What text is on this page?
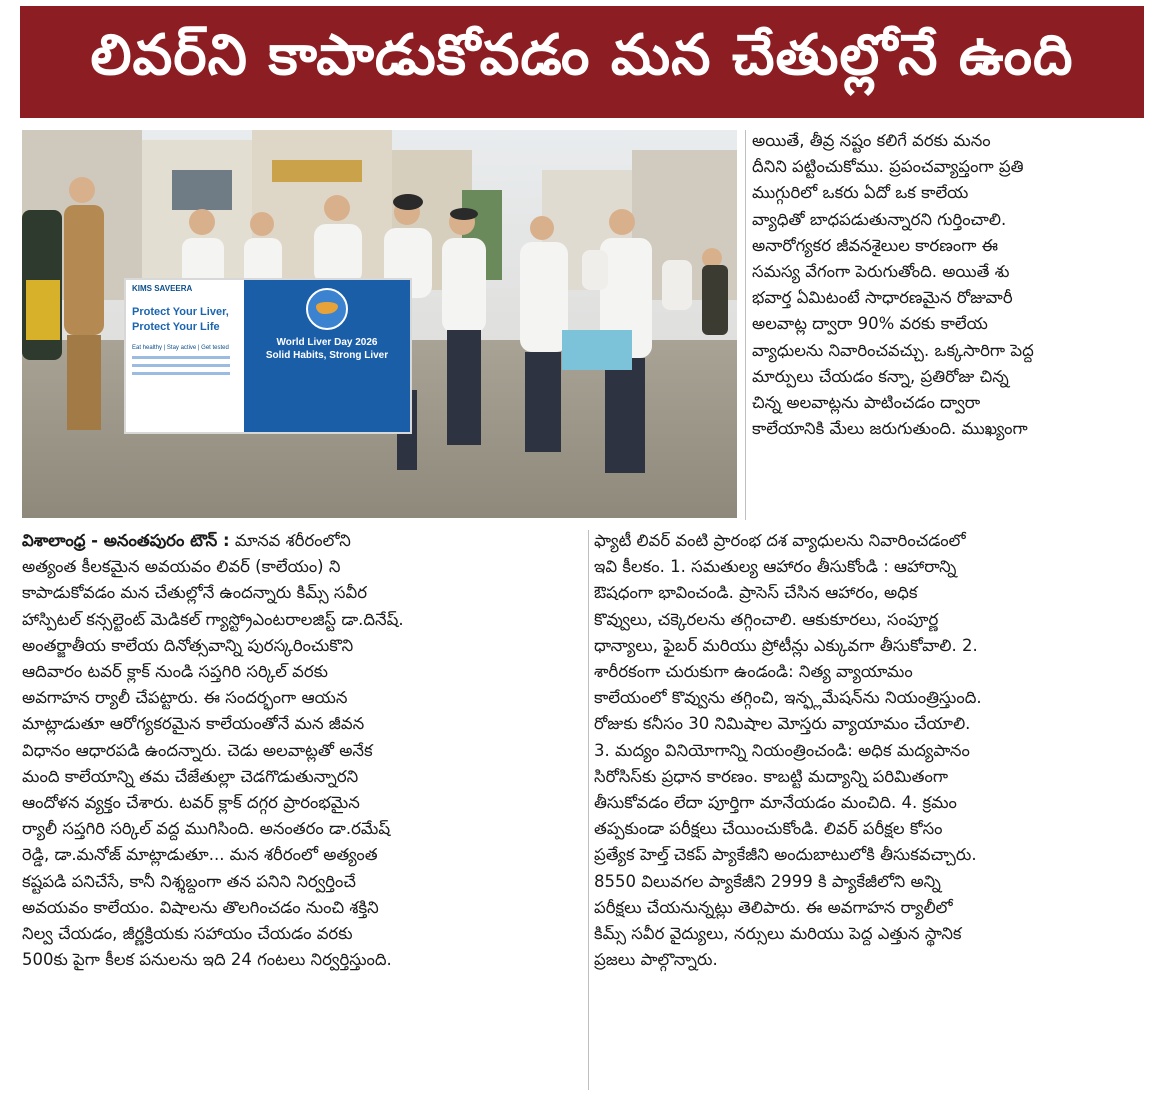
లివర్‌ని కాపాడుకోవడం మన చేతుల్లోనే ఉంది
KIMS SAVEERA
Protect Your Liver,
Protect Your Life
Eat healthy | Stay active | Get tested	World Liver Day 2026
Solid Habits, Strong Liver

అయితే, తీవ్ర నష్టం కలిగే వరకు మనం

దీనిని పట్టించుకోము. ప్రపంచవ్యాప్తంగా ప్రతి

ముగ్గురిలో ఒకరు ఏదో ఒక కాలేయ

వ్యాధితో బాధపడుతున్నారని గుర్తించాలి.

అనారోగ్యకర జీవనశైలుల కారణంగా ఈ

సమస్య వేగంగా పెరుగుతోంది. అయితే శు

భవార్త ఏమిటంటే సాధారణమైన రోజువారీ

అలవాట్ల ద్వారా 90% వరకు కాలేయ

వ్యాధులను నివారించవచ్చు. ఒక్కసారిగా పెద్ద

మార్పులు చేయడం కన్నా, ప్రతిరోజు చిన్న

చిన్న అలవాట్లను పాటించడం ద్వారా

కాలేయానికి మేలు జరుగుతుంది. ముఖ్యంగా

విశాలాంధ్ర - అనంతపురం టౌన్ : మానవ శరీరంలోని

అత్యంత కీలకమైన అవయవం లివర్ (కాలేయం) ని

కాపాడుకోవడం మన చేతుల్లోనే ఉందన్నారు కిమ్స్ సవీర

హాస్పిటల్ కన్సల్టెంట్ మెడికల్ గ్యాస్ట్రోఎంటరాలజిస్ట్ డా.దినేష్.

అంతర్జాతీయ కాలేయ దినోత్సవాన్ని పురస్కరించుకొని

ఆదివారం టవర్ క్లాక్ నుండి సప్తగిరి సర్కిల్ వరకు

అవగాహన ర్యాలీ చేపట్టారు. ఈ సందర్భంగా ఆయన

మాట్లాడుతూ ఆరోగ్యకరమైన కాలేయంతోనే మన జీవన

విధానం ఆధారపడి ఉందన్నారు. చెడు అలవాట్లతో అనేక

మంది కాలేయాన్ని తమ చేజేతుల్లా చెడగొడుతున్నారని

ఆందోళన వ్యక్తం చేశారు. టవర్ క్లాక్ దగ్గర ప్రారంభమైన

ర్యాలీ సప్తగిరి సర్కిల్ వద్ద ముగిసింది. అనంతరం డా.రమేష్

రెడ్డి, డా.మనోజ్ మాట్లాడుతూ... మన శరీరంలో అత్యంత

కష్టపడి పనిచేసే, కానీ నిశ్శబ్దంగా తన పనిని నిర్వర్తించే

అవయవం కాలేయం. విషాలను తొలగించడం నుంచి శక్తిని

నిల్వ చేయడం, జీర్ణక్రియకు సహాయం చేయడం వరకు

500కు పైగా కీలక పనులను ఇది 24 గంటలు నిర్వర్తిస్తుంది.

ఫ్యాటీ లివర్ వంటి ప్రారంభ దశ వ్యాధులను నివారించడంలో

ఇవి కీలకం. 1. సమతుల్య ఆహారం తీసుకోండి : ఆహారాన్ని

ఔషధంగా భావించండి. ప్రాసెస్ చేసిన ఆహారం, అధిక

కొవ్వులు, చక్కెరలను తగ్గించాలి. ఆకుకూరలు, సంపూర్ణ

ధాన్యాలు, ఫైబర్ మరియు ప్రోటీన్లు ఎక్కువగా తీసుకోవాలి. 2.

శారీరకంగా చురుకుగా ఉండండి: నిత్య వ్యాయామం

కాలేయంలో కొవ్వును తగ్గించి, ఇన్ఫ్లమేషన్‌ను నియంత్రిస్తుంది.

రోజుకు కనీసం 30 నిమిషాల మోస్తరు వ్యాయామం చేయాలి.

3. మద్యం వినియోగాన్ని నియంత్రించండి: అధిక మద్యపానం

సిరోసిస్‌కు ప్రధాన కారణం. కాబట్టి మద్యాన్ని పరిమితంగా

తీసుకోవడం లేదా పూర్తిగా మానేయడం మంచిది. 4. క్రమం

తప్పకుండా పరీక్షలు చేయించుకోండి. లివర్ పరీక్షల కోసం

ప్రత్యేక హెల్త్ చెకప్ ప్యాకేజీని అందుబాటులోకి తీసుకవచ్చారు.

8550 విలువగల ప్యాకేజీని 2999 కి ప్యాకేజీలోని అన్ని

పరీక్షలు చేయనున్నట్లు తెలిపారు. ఈ అవగాహన ర్యాలీలో

కిమ్స్ సవీర వైద్యులు, నర్సులు మరియు పెద్ద ఎత్తున స్థానిక

ప్రజలు పాల్గొన్నారు.
